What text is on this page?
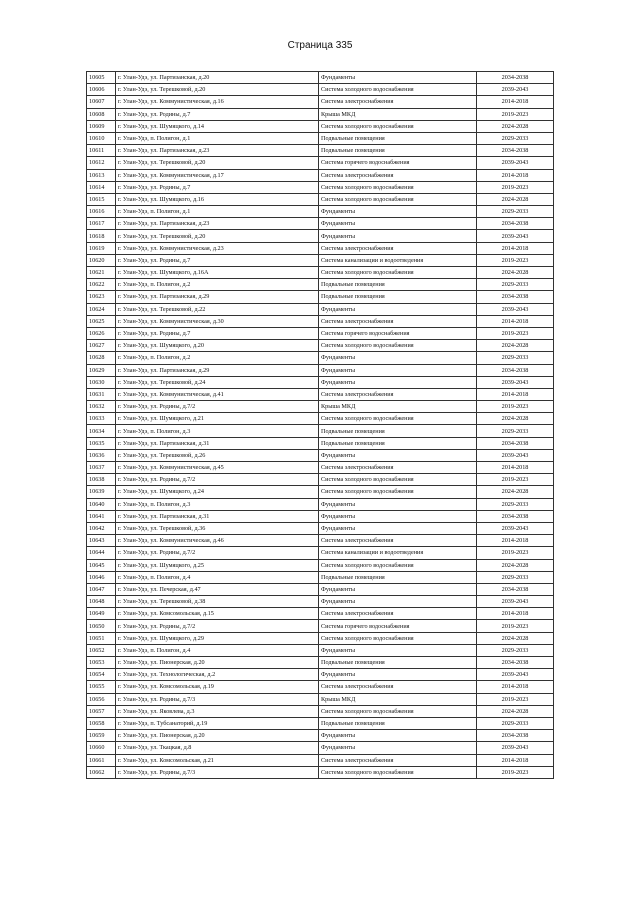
Страница 335
10605	г. Улан-Удэ, ул. Партизанская, д.20	Фундаменты	2034-2038
10606	г. Улан-Удэ, ул. Терешковой, д.20	Система холодного водоснабжения	2039-2043
10607	г. Улан-Удэ, ул. Коммунистическая, д.16	Система электроснабжения	2014-2018
10608	г. Улан-Удэ, ул. Родины, д.7	Крыша МКД	2019-2023
10609	г. Улан-Удэ, ул. Шумяцкого, д.14	Система холодного водоснабжения	2024-2028
10610	г. Улан-Удэ, п. Полигон, д.1	Подвальные помещения	2029-2033
10611	г. Улан-Удэ, ул. Партизанская, д.23	Подвальные помещения	2034-2038
10612	г. Улан-Удэ, ул. Терешковой, д.20	Система горячего водоснабжения	2039-2043
10613	г. Улан-Удэ, ул. Коммунистическая, д.17	Система электроснабжения	2014-2018
10614	г. Улан-Удэ, ул. Родины, д.7	Система холодного водоснабжения	2019-2023
10615	г. Улан-Удэ, ул. Шумяцкого, д.16	Система холодного водоснабжения	2024-2028
10616	г. Улан-Удэ, п. Полигон, д.1	Фундаменты	2029-2033
10617	г. Улан-Удэ, ул. Партизанская, д.23	Фундаменты	2034-2038
10618	г. Улан-Удэ, ул. Терешковой, д.20	Фундаменты	2039-2043
10619	г. Улан-Удэ, ул. Коммунистическая, д.23	Система электроснабжения	2014-2018
10620	г. Улан-Удэ, ул. Родины, д.7	Система канализации и водоотведения	2019-2023
10621	г. Улан-Удэ, ул. Шумяцкого, д.16А	Система холодного водоснабжения	2024-2028
10622	г. Улан-Удэ, п. Полигон, д.2	Подвальные помещения	2029-2033
10623	г. Улан-Удэ, ул. Партизанская, д.29	Подвальные помещения	2034-2038
10624	г. Улан-Удэ, ул. Терешковой, д.22	Фундаменты	2039-2043
10625	г. Улан-Удэ, ул. Коммунистическая, д.30	Система электроснабжения	2014-2018
10626	г. Улан-Удэ, ул. Родины, д.7	Система горячего водоснабжения	2019-2023
10627	г. Улан-Удэ, ул. Шумяцкого, д.20	Система холодного водоснабжения	2024-2028
10628	г. Улан-Удэ, п. Полигон, д.2	Фундаменты	2029-2033
10629	г. Улан-Удэ, ул. Партизанская, д.29	Фундаменты	2034-2038
10630	г. Улан-Удэ, ул. Терешковой, д.24	Фундаменты	2039-2043
10631	г. Улан-Удэ, ул. Коммунистическая, д.41	Система электроснабжения	2014-2018
10632	г. Улан-Удэ, ул. Родины, д.7/2	Крыша МКД	2019-2023
10633	г. Улан-Удэ, ул. Шумяцкого, д.21	Система холодного водоснабжения	2024-2028
10634	г. Улан-Удэ, п. Полигон, д.3	Подвальные помещения	2029-2033
10635	г. Улан-Удэ, ул. Партизанская, д.31	Подвальные помещения	2034-2038
10636	г. Улан-Удэ, ул. Терешковой, д.26	Фундаменты	2039-2043
10637	г. Улан-Удэ, ул. Коммунистическая, д.45	Система электроснабжения	2014-2018
10638	г. Улан-Удэ, ул. Родины, д.7/2	Система холодного водоснабжения	2019-2023
10639	г. Улан-Удэ, ул. Шумяцкого, д.24	Система холодного водоснабжения	2024-2028
10640	г. Улан-Удэ, п. Полигон, д.3	Фундаменты	2029-2033
10641	г. Улан-Удэ, ул. Партизанская, д.31	Фундаменты	2034-2038
10642	г. Улан-Удэ, ул. Терешковой, д.36	Фундаменты	2039-2043
10643	г. Улан-Удэ, ул. Коммунистическая, д.46	Система электроснабжения	2014-2018
10644	г. Улан-Удэ, ул. Родины, д.7/2	Система канализации и водоотведения	2019-2023
10645	г. Улан-Удэ, ул. Шумяцкого, д.25	Система холодного водоснабжения	2024-2028
10646	г. Улан-Удэ, п. Полигон, д.4	Подвальные помещения	2029-2033
10647	г. Улан-Удэ, ул. Печерская, д.47	Фундаменты	2034-2038
10648	г. Улан-Удэ, ул. Терешковой, д.38	Фундаменты	2039-2043
10649	г. Улан-Удэ, ул. Комсомольская, д.15	Система электроснабжения	2014-2018
10650	г. Улан-Удэ, ул. Родины, д.7/2	Система горячего водоснабжения	2019-2023
10651	г. Улан-Удэ, ул. Шумяцкого, д.29	Система холодного водоснабжения	2024-2028
10652	г. Улан-Удэ, п. Полигон, д.4	Фундаменты	2029-2033
10653	г. Улан-Удэ, ул. Пионерская, д.20	Подвальные помещения	2034-2038
10654	г. Улан-Удэ, ул. Технологическая, д.2	Фундаменты	2039-2043
10655	г. Улан-Удэ, ул. Комсомольская, д.19	Система электроснабжения	2014-2018
10656	г. Улан-Удэ, ул. Родины, д.7/3	Крыша МКД	2019-2023
10657	г. Улан-Удэ, ул. Яковлева, д.3	Система холодного водоснабжения	2024-2028
10658	г. Улан-Удэ, п. Тубсанаторий, д.19	Подвальные помещения	2029-2033
10659	г. Улан-Удэ, ул. Пионерская, д.20	Фундаменты	2034-2038
10660	г. Улан-Удэ, ул. Ткацкая, д.8	Фундаменты	2039-2043
10661	г. Улан-Удэ, ул. Комсомольская, д.21	Система электроснабжения	2014-2018
10662	г. Улан-Удэ, ул. Родины, д.7/3	Система холодного водоснабжения	2019-2023
